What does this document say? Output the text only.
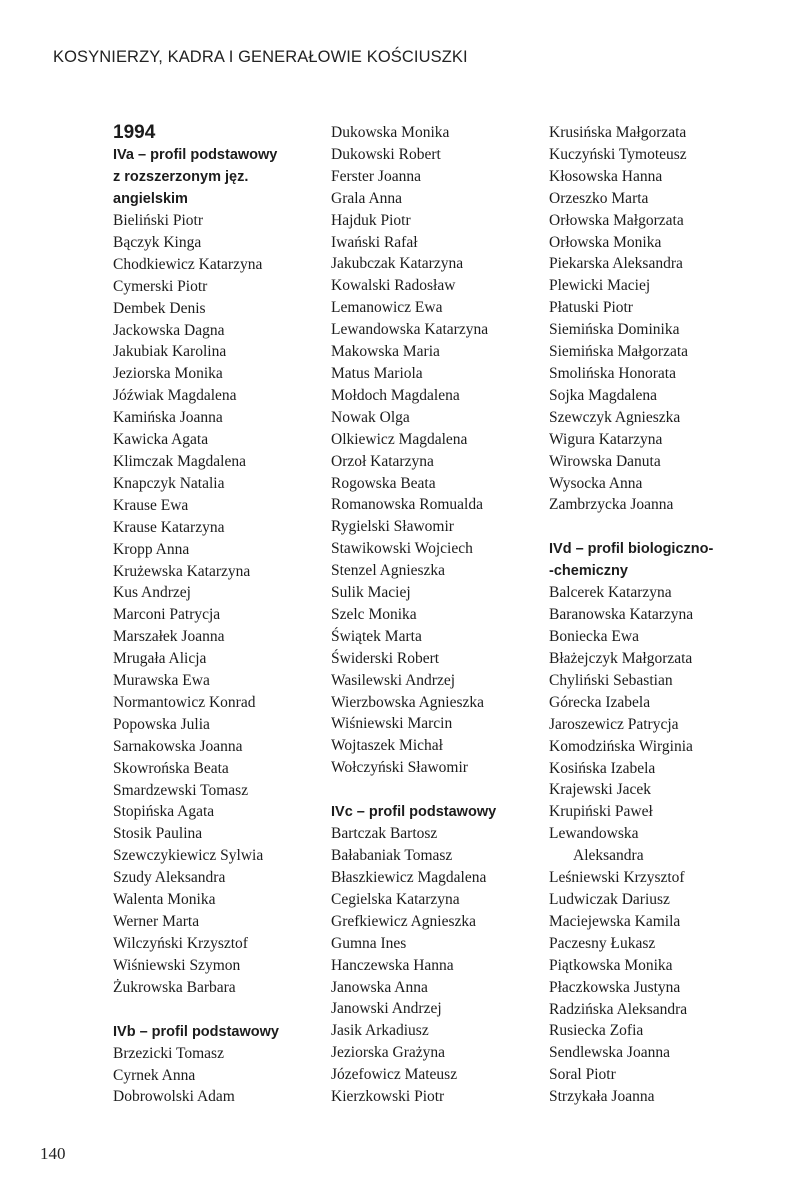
KOSYNIERZY, KADRA I GENERAŁOWIE KOŚCIUSZKI
1994
IVa – profil podstawowy
z rozszerzonym jęz.
angielskim
Bieliński Piotr
Bączyk Kinga
Chodkiewicz Katarzyna
Cymerski Piotr
Dembek Denis
Jackowska Dagna
Jakubiak Karolina
Jeziorska Monika
Jóźwiak Magdalena
Kamińska Joanna
Kawicka Agata
Klimczak Magdalena
Knapczyk Natalia
Krause Ewa
Krause Katarzyna
Kropp Anna
Krużewska Katarzyna
Kus Andrzej
Marconi Patrycja
Marszałek Joanna
Mrugała Alicja
Murawska Ewa
Normantowicz Konrad
Popowska Julia
Sarnakowska Joanna
Skowrońska Beata
Smardzewski Tomasz
Stopińska Agata
Stosik Paulina
Szewczykiewicz Sylwia
Szudy Aleksandra
Walenta Monika
Werner Marta
Wilczyński Krzysztof
Wiśniewski Szymon
Żukrowska Barbara
IVb – profil podstawowy
Brzezicki Tomasz
Cyrnek Anna
Dobrowolski Adam
Dukowska Monika
Dukowski Robert
Ferster Joanna
Grala Anna
Hajduk Piotr
Iwański Rafał
Jakubczak Katarzyna
Kowalski Radosław
Lemanowicz Ewa
Lewandowska Katarzyna
Makowska Maria
Matus Mariola
Mołdoch Magdalena
Nowak Olga
Olkiewicz Magdalena
Orzoł Katarzyna
Rogowska Beata
Romanowska Romualda
Rygielski Sławomir
Stawikowski Wojciech
Stenzel Agnieszka
Sulik Maciej
Szelc Monika
Świątek Marta
Świderski Robert
Wasilewski Andrzej
Wierzbowska Agnieszka
Wiśniewski Marcin
Wojtaszek Michał
Wołczyński Sławomir
IVc – profil podstawowy
Bartczak Bartosz
Bałabaniak Tomasz
Błaszkiewicz Magdalena
Cegielska Katarzyna
Grefkiewicz Agnieszka
Gumna Ines
Hanczewska Hanna
Janowska Anna
Janowski Andrzej
Jasik Arkadiusz
Jeziorska Grażyna
Józefowicz Mateusz
Kierzkowski Piotr
Krusińska Małgorzata
Kuczyński Tymoteusz
Kłosowska Hanna
Orzeszko Marta
Orłowska Małgorzata
Orłowska Monika
Piekarska Aleksandra
Plewicki Maciej
Płatuski Piotr
Siemińska Dominika
Siemińska Małgorzata
Smolińska Honorata
Sojka Magdalena
Szewczyk Agnieszka
Wigura Katarzyna
Wirowska Danuta
Wysocka Anna
Zambrzycka Joanna
IVd – profil biologiczno-
-chemiczny
Balcerek Katarzyna
Baranowska Katarzyna
Boniecka Ewa
Błażejczyk Małgorzata
Chyliński Sebastian
Górecka Izabela
Jaroszewicz Patrycja
Komodzińska Wirginia
Kosińska Izabela
Krajewski Jacek
Krupiński Paweł
Lewandowska
Aleksandra
Leśniewski Krzysztof
Ludwiczak Dariusz
Maciejewska Kamila
Paczesny Łukasz
Piątkowska Monika
Płaczkowska Justyna
Radzińska Aleksandra
Rusiecka Zofia
Sendlewska Joanna
Soral Piotr
Strzykała Joanna
140
